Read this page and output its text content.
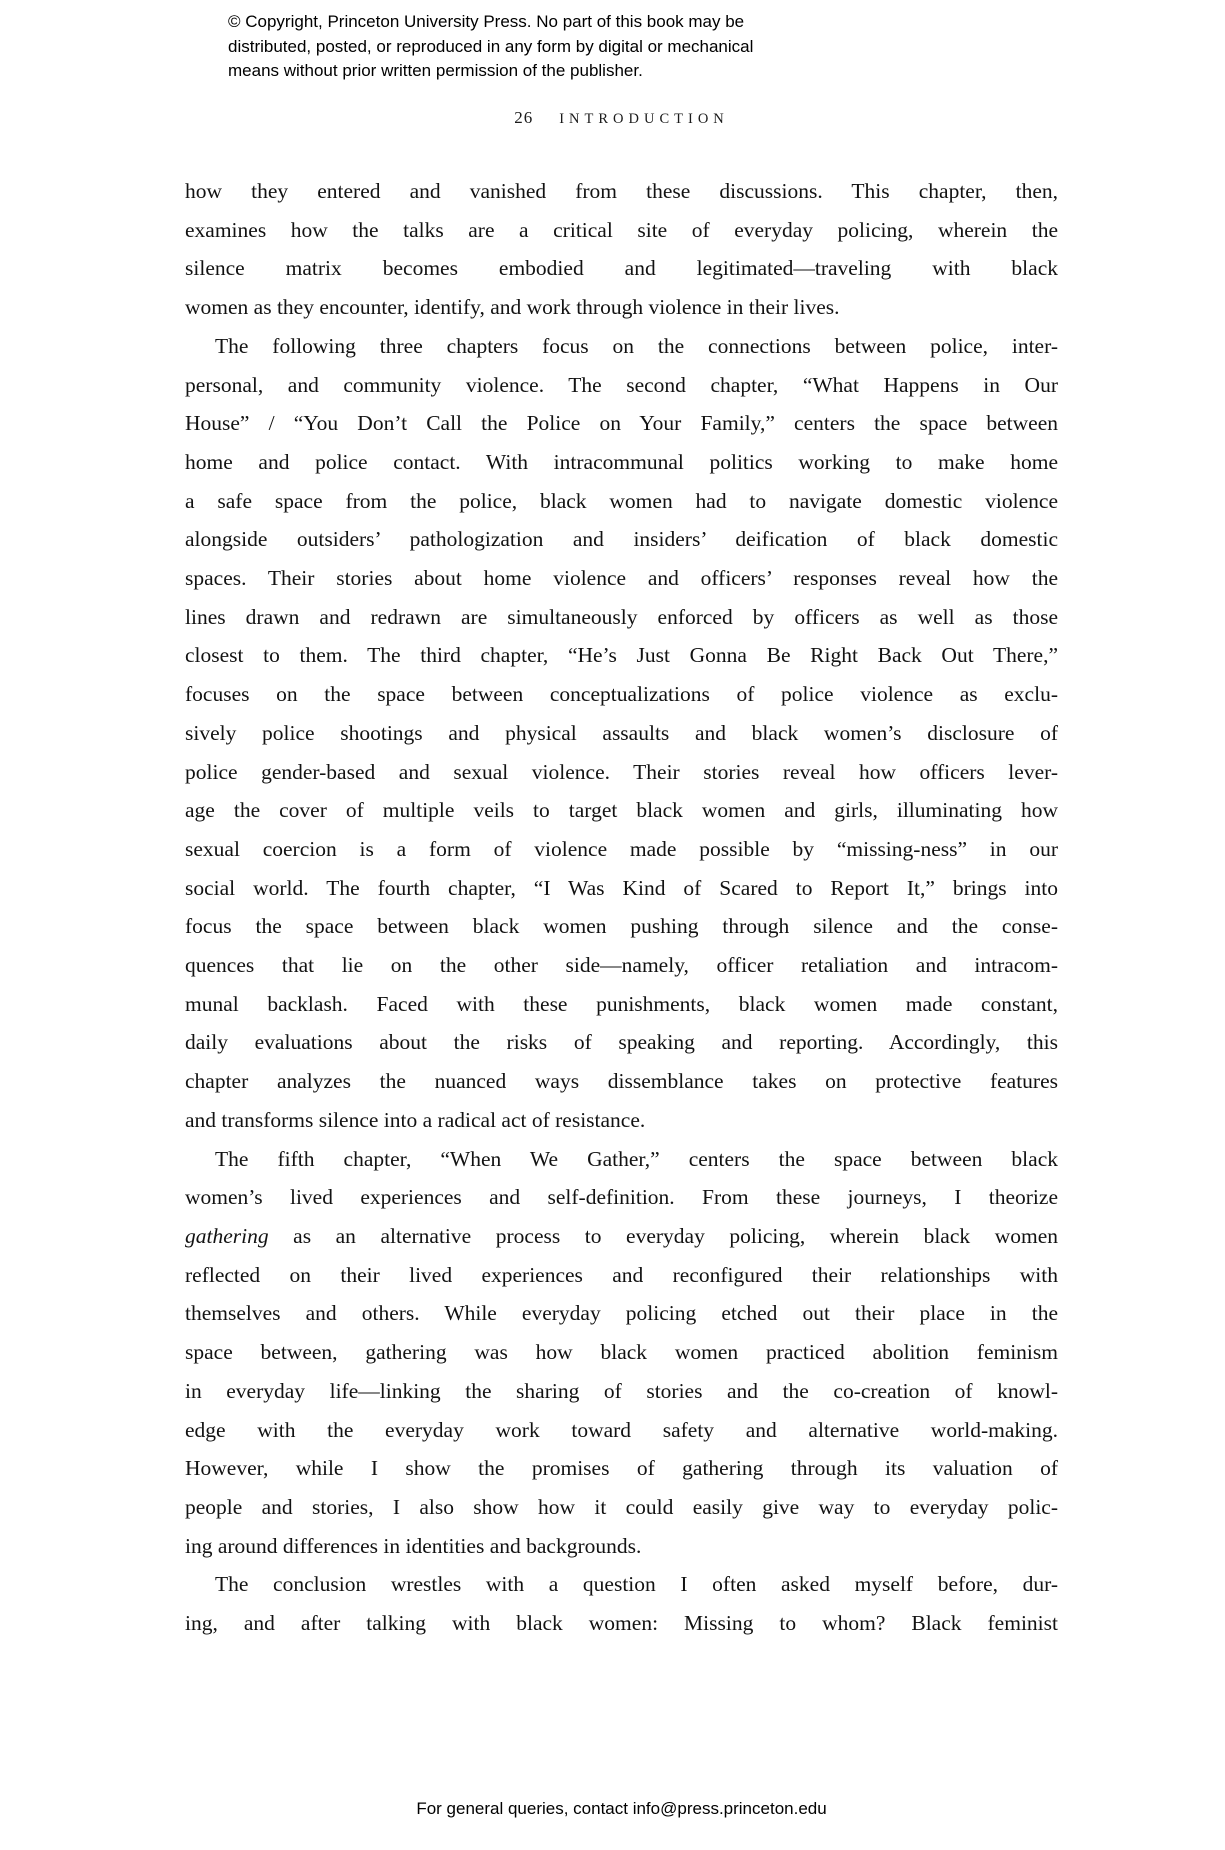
© Copyright, Princeton University Press. No part of this book may be
distributed, posted, or reproduced in any form by digital or mechanical
means without prior written permission of the publisher.
26 INTRODUCTION
how they entered and vanished from these discussions. This chapter, then,
examines how the talks are a critical site of everyday policing, wherein the
silence matrix becomes embodied and legitimated—traveling with black
women as they encounter, identify, and work through violence in their lives.
The following three chapters focus on the connections between police, inter-
personal, and community violence. The second chapter, “What Happens in Our
House” / “You Don’t Call the Police on Your Family,” centers the space between
home and police contact. With intracommunal politics working to make home
a safe space from the police, black women had to navigate domestic violence
alongside outsiders’ pathologization and insiders’ deification of black domestic
spaces. Their stories about home violence and officers’ responses reveal how the
lines drawn and redrawn are simultaneously enforced by officers as well as those
closest to them. The third chapter, “He’s Just Gonna Be Right Back Out There,”
focuses on the space between conceptualizations of police violence as exclu-
sively police shootings and physical assaults and black women’s disclosure of
police gender-based and sexual violence. Their stories reveal how officers lever-
age the cover of multiple veils to target black women and girls, illuminating how
sexual coercion is a form of violence made possible by “missing-ness” in our
social world. The fourth chapter, “I Was Kind of Scared to Report It,” brings into
focus the space between black women pushing through silence and the conse-
quences that lie on the other side—namely, officer retaliation and intracom-
munal backlash. Faced with these punishments, black women made constant,
daily evaluations about the risks of speaking and reporting. Accordingly, this
chapter analyzes the nuanced ways dissemblance takes on protective features
and transforms silence into a radical act of resistance.
The fifth chapter, “When We Gather,” centers the space between black
women’s lived experiences and self-definition. From these journeys, I theorize
gathering as an alternative process to everyday policing, wherein black women
reflected on their lived experiences and reconfigured their relationships with
themselves and others. While everyday policing etched out their place in the
space between, gathering was how black women practiced abolition feminism
in everyday life—linking the sharing of stories and the co-creation of knowl-
edge with the everyday work toward safety and alternative world-making.
However, while I show the promises of gathering through its valuation of
people and stories, I also show how it could easily give way to everyday polic-
ing around differences in identities and backgrounds.
The conclusion wrestles with a question I often asked myself before, dur-
ing, and after talking with black women: Missing to whom? Black feminist
For general queries, contact info@press.princeton.edu
